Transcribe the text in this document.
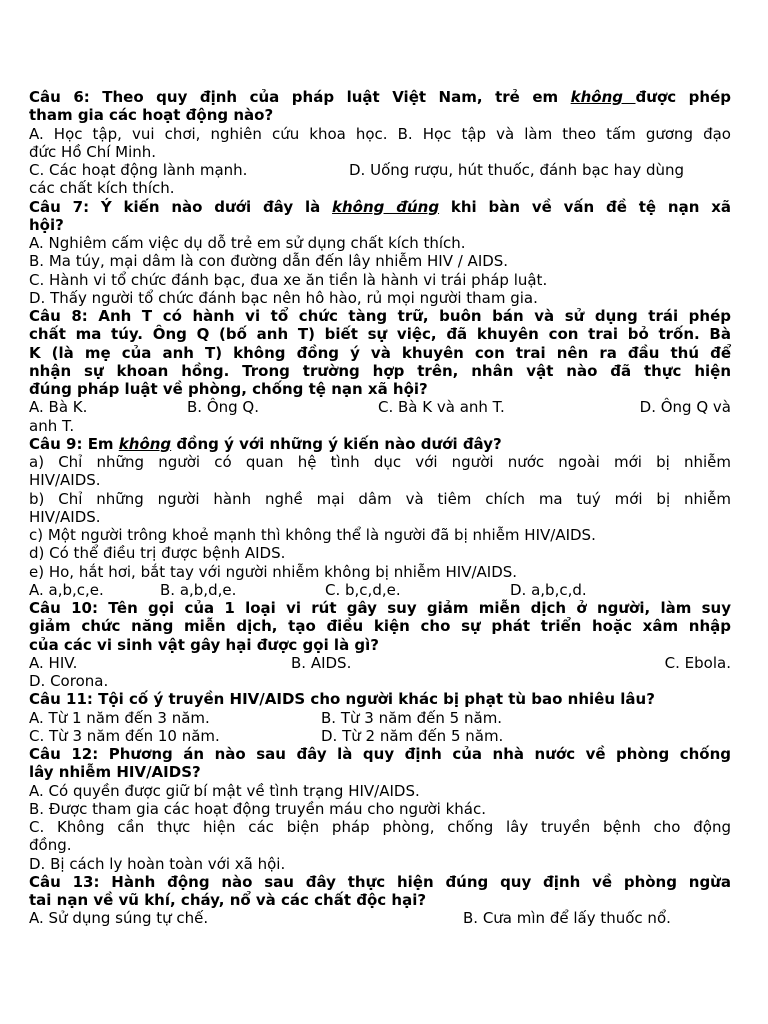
Câu 6: Theo quy định của pháp luật Việt Nam, trẻ em không được phép
tham gia các hoạt động nào?
A. Học tập, vui chơi, nghiên cứu khoa học. B. Học tập và làm theo tấm gương đạo
đức Hồ Chí Minh.
C. Các hoạt động lành mạnh.	D. Uống rượu, hút thuốc, đánh bạc hay dùng
các chất kích thích.
Câu 7: Ý kiến nào dưới đây là không đúng khi bàn về vấn đề tệ nạn xã
hội?
A. Nghiêm cấm việc dụ dỗ trẻ em sử dụng chất kích thích.
B. Ma túy, mại dâm là con đường dẫn đến lây nhiễm HIV / AIDS.
C. Hành vi tổ chức đánh bạc, đua xe ăn tiền là hành vi trái pháp luật.
D. Thấy người tổ chức đánh bạc nên hô hào, rủ mọi người tham gia.
Câu 8: Anh T có hành vi tổ chức tàng trữ, buôn bán và sử dụng trái phép
chất ma túy. Ông Q (bố anh T) biết sự việc, đã khuyên con trai bỏ trốn. Bà
K (là mẹ của anh T) không đồng ý và khuyên con trai nên ra đầu thú để
nhận sự khoan hồng. Trong trường hợp trên, nhân vật nào đã thực hiện
đúng pháp luật về phòng, chống tệ nạn xã hội?
A. Bà K.	B. Ông Q.	C. Bà K và anh T.	D. Ông Q và
anh T.
Câu 9: Em không đồng ý với những ý kiến nào dưới đây?
a) Chỉ những người có quan hệ tình dục với người nước ngoài mới bị nhiễm
HIV/AIDS.
b) Chỉ những người hành nghề mại dâm và tiêm chích ma tuý mới bị nhiễm
HIV/AIDS.
c) Một người trông khoẻ mạnh thì không thể là người đã bị nhiễm HIV/AIDS.
d) Có thể điều trị được bệnh AIDS.
e) Ho, hắt hơi, bắt tay với người nhiễm không bị nhiễm HIV/AIDS.
A. a,b,c,e.	B. a,b,d,e.	C. b,c,d,e.	D. a,b,c,d.
Câu 10: Tên gọi của 1 loại vi rút gây suy giảm miễn dịch ở người, làm suy
giảm chức năng miễn dịch, tạo điều kiện cho sự phát triển hoặc xâm nhập
của các vi sinh vật gây hại được gọi là gì?
A. HIV.	B. AIDS.	C. Ebola.
D. Corona.
Câu 11: Tội cố ý truyền HIV/AIDS cho người khác bị phạt tù bao nhiêu lâu?
A. Từ 1 năm đến 3 năm.	B. Từ 3 năm đến 5 năm.
C. Từ 3 năm đến 10 năm.	D. Từ 2 năm đến 5 năm.
Câu 12: Phương án nào sau đây là quy định của nhà nước về phòng chống
lây nhiễm HIV/AIDS?
A. Có quyền được giữ bí mật về tình trạng HIV/AIDS.
B. Được tham gia các hoạt động truyền máu cho người khác.
C. Không cần thực hiện các biện pháp phòng, chống lây truyền bệnh cho động
đồng.
D. Bị cách ly hoàn toàn với xã hội.
Câu 13: Hành động nào sau đây thực hiện đúng quy định về phòng ngừa
tai nạn về vũ khí, cháy, nổ và các chất độc hại?
A. Sử dụng súng tự chế.	B. Cưa mìn để lấy thuốc nổ.
